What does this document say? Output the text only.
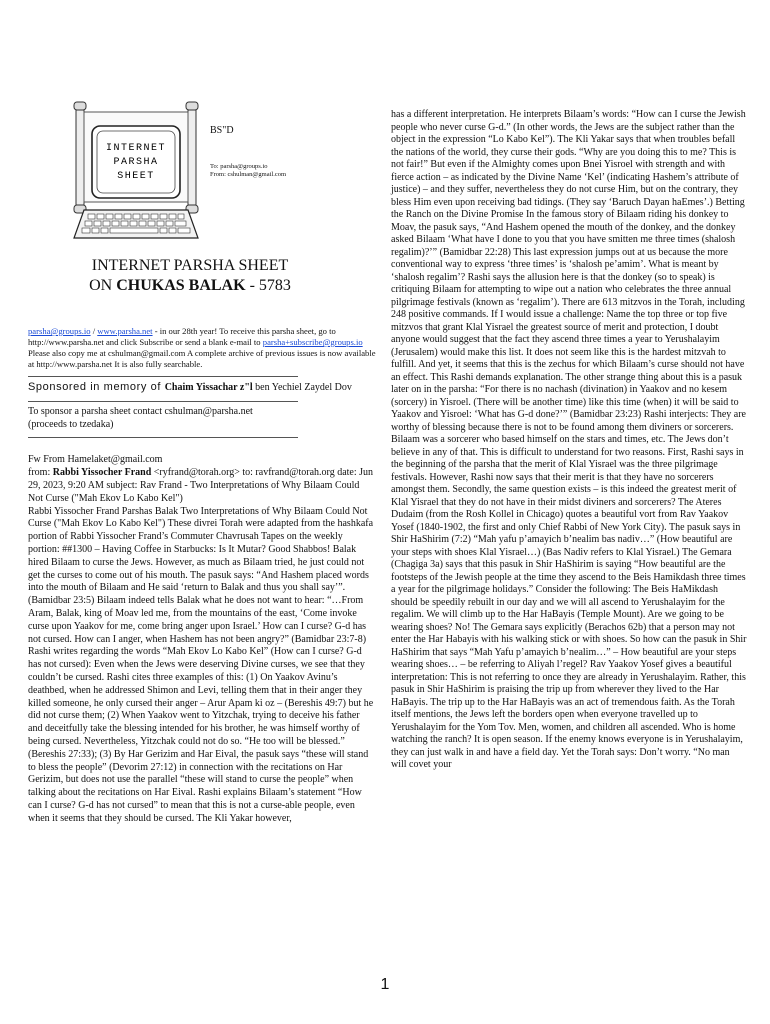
INTERNET
PARSHA
SHEET
BS"D
To: parsha@groups.io
From: cshulman@gmail.com
INTERNET PARSHA SHEET
ON CHUKAS BALAK - 5783

parsha@groups.io / www.parsha.net - in our 28th year! To receive this parsha sheet, go to http://www.parsha.net and click Subscribe or send a blank e-mail to parsha+subscribe@groups.io Please also copy me at cshulman@gmail.com A complete archive of previous issues is now available at http://www.parsha.net It is also fully searchable.

Sponsored in memory of Chaim Yissachar z"l ben Yechiel Zaydel Dov

To sponsor a parsha sheet contact cshulman@parsha.net

(proceeds to tzedaka)

Fw From Hamelaket@gmail.com

from: Rabbi Yissocher Frand <ryfrand@torah.org> to: ravfrand@torah.org date: Jun 29, 2023, 9:20 AM subject: Rav Frand - Two Interpretations of Why Bilaam Could Not Curse ("Mah Ekov Lo Kabo Kel")

Rabbi Yissocher Frand Parshas Balak Two Interpretations of Why Bilaam Could Not Curse ("Mah Ekov Lo Kabo Kel") These divrei Torah were adapted from the hashkafa portion of Rabbi Yissocher Frand’s Commuter Chavrusah Tapes on the weekly portion: ##1300 – Having Coffee in Starbucks: Is It Mutar? Good Shabbos! Balak hired Bilaam to curse the Jews. However, as much as Bilaam tried, he just could not get the curses to come out of his mouth. The pasuk says: “And Hashem placed words into the mouth of Bilaam and He said ‘return to Balak and thus you shall say’”. (Bamidbar 23:5) Bilaam indeed tells Balak what he does not want to hear: “…From Aram, Balak, king of Moav led me, from the mountains of the east, ‘Come invoke curse upon Yaakov for me, come bring anger upon Israel.’ How can I curse? G-d has not cursed. How can I anger, when Hashem has not been angry?” (Bamidbar 23:7-8) Rashi writes regarding the words “Mah Ekov Lo Kabo Kel” (How can I curse? G-d has not cursed): Even when the Jews were deserving Divine curses, we see that they couldn’t be cursed. Rashi cites three examples of this: (1) On Yaakov Avinu’s deathbed, when he addressed Shimon and Levi, telling them that in their anger they killed someone, he only cursed their anger – Arur Apam ki oz – (Bereshis 49:7) but he did not curse them; (2) When Yaakov went to Yitzchak, trying to deceive his father and deceitfully take the blessing intended for his brother, he was himself worthy of being cursed. Nevertheless, Yitzchak could not do so. “He too will be blessed.” (Bereshis 27:33); (3) By Har Gerizim and Har Eival, the pasuk says “these will stand to bless the people” (Devorim 27:12) in connection with the recitations on Har Gerizim, but does not use the parallel “these will stand to curse the people” when talking about the recitations on Har Eival. Rashi explains Bilaam’s statement “How can I curse? G-d has not cursed” to mean that this is not a curse-able people, even when it seems that they should be cursed. The Kli Yakar however,

has a different interpretation. He interprets Bilaam’s words: “How can I curse the Jewish people who never curse G-d.” (In other words, the Jews are the subject rather than the object in the expression “Lo Kabo Kel”). The Kli Yakar says that when troubles befall the nations of the world, they curse their gods. “Why are you doing this to me? This is not fair!” But even if the Almighty comes upon Bnei Yisroel with strength and with fierce action – as indicated by the Divine Name ‘Kel’ (indicating Hashem’s attribute of justice) – and they suffer, nevertheless they do not curse Him, but on the contrary, they bless Him even upon receiving bad tidings. (They say ‘Baruch Dayan haEmes’.) Betting the Ranch on the Divine Promise In the famous story of Bilaam riding his donkey to Moav, the pasuk says, “And Hashem opened the mouth of the donkey, and the donkey asked Bilaam ‘What have I done to you that you have smitten me three times (shalosh regalim)?’” (Bamidbar 22:28) This last expression jumps out at us because the more conventional way to express ‘three times’ is ‘shalosh pe’amim’. What is meant by ‘shalosh regalim’? Rashi says the allusion here is that the donkey (so to speak) is critiquing Bilaam for attempting to wipe out a nation who celebrates the three annual pilgrimage festivals (known as ‘regalim’). There are 613 mitzvos in the Torah, including 248 positive commands. If I would issue a challenge: Name the top three or top five mitzvos that grant Klal Yisrael the greatest source of merit and protection, I doubt anyone would suggest that the fact they ascend three times a year to Yerushalayim (Jerusalem) would make this list. It does not seem like this is the hardest mitzvah to fulfill. And yet, it seems that this is the zechus for which Bilaam’s curse should not have an effect. This Rashi demands explanation. The other strange thing about this is a pasuk later on in the parsha: “For there is no nachash (divination) in Yaakov and no kesem (sorcery) in Yisroel. (There will be another time) like this time (when) it will be said to Yaakov and Yisroel: ‘What has G-d done?’” (Bamidbar 23:23) Rashi interjects: They are worthy of blessing because there is not to be found among them diviners or sorcerers. Bilaam was a sorcerer who based himself on the stars and times, etc. The Jews don’t believe in any of that. This is difficult to understand for two reasons. First, Rashi says in the beginning of the parsha that the merit of Klal Yisrael was the three pilgrimage festivals. However, Rashi now says that their merit is that they have no sorcerers amongst them. Secondly, the same question exists – is this indeed the greatest merit of Klal Yisrael that they do not have in their midst diviners and sorcerers? The Ateres Dudaim (from the Rosh Kollel in Chicago) quotes a beautiful vort from Rav Yaakov Yosef (1840-1902, the first and only Chief Rabbi of New York City). The pasuk says in Shir HaShirim (7:2) “Mah yafu p’amayich b’nealim bas nadiv…” (How beautiful are your steps with shoes Klal Yisrael…) (Bas Nadiv refers to Klal Yisrael.) The Gemara (Chagiga 3a) says that this pasuk in Shir HaShirim is saying “How beautiful are the footsteps of the Jewish people at the time they ascend to the Beis Hamikdash three times a year for the pilgrimage holidays.” Consider the following: The Beis HaMikdash should be speedily rebuilt in our day and we will all ascend to Yerushalayim for the regalim. We will climb up to the Har HaBayis (Temple Mount). Are we going to be wearing shoes? No! The Gemara says explicitly (Berachos 62b) that a person may not enter the Har Habayis with his walking stick or with shoes. So how can the pasuk in Shir HaShirim that says “Mah Yafu p’amayich b’nealim…” – How beautiful are your steps wearing shoes… – be referring to Aliyah l’regel? Rav Yaakov Yosef gives a beautiful interpretation: This is not referring to once they are already in Yerushalayim. Rather, this pasuk in Shir HaShirim is praising the trip up from wherever they lived to the Har HaBayis. The trip up to the Har HaBayis was an act of tremendous faith. As the Torah itself mentions, the Jews left the borders open when everyone travelled up to Yerushalayim for the Yom Tov. Men, women, and children all ascended. Who is home watching the ranch? It is open season. If the enemy knows everyone is in Yerushalayim, they can just walk in and have a field day. Yet the Torah says: Don’t worry. “No man will covet your

1
